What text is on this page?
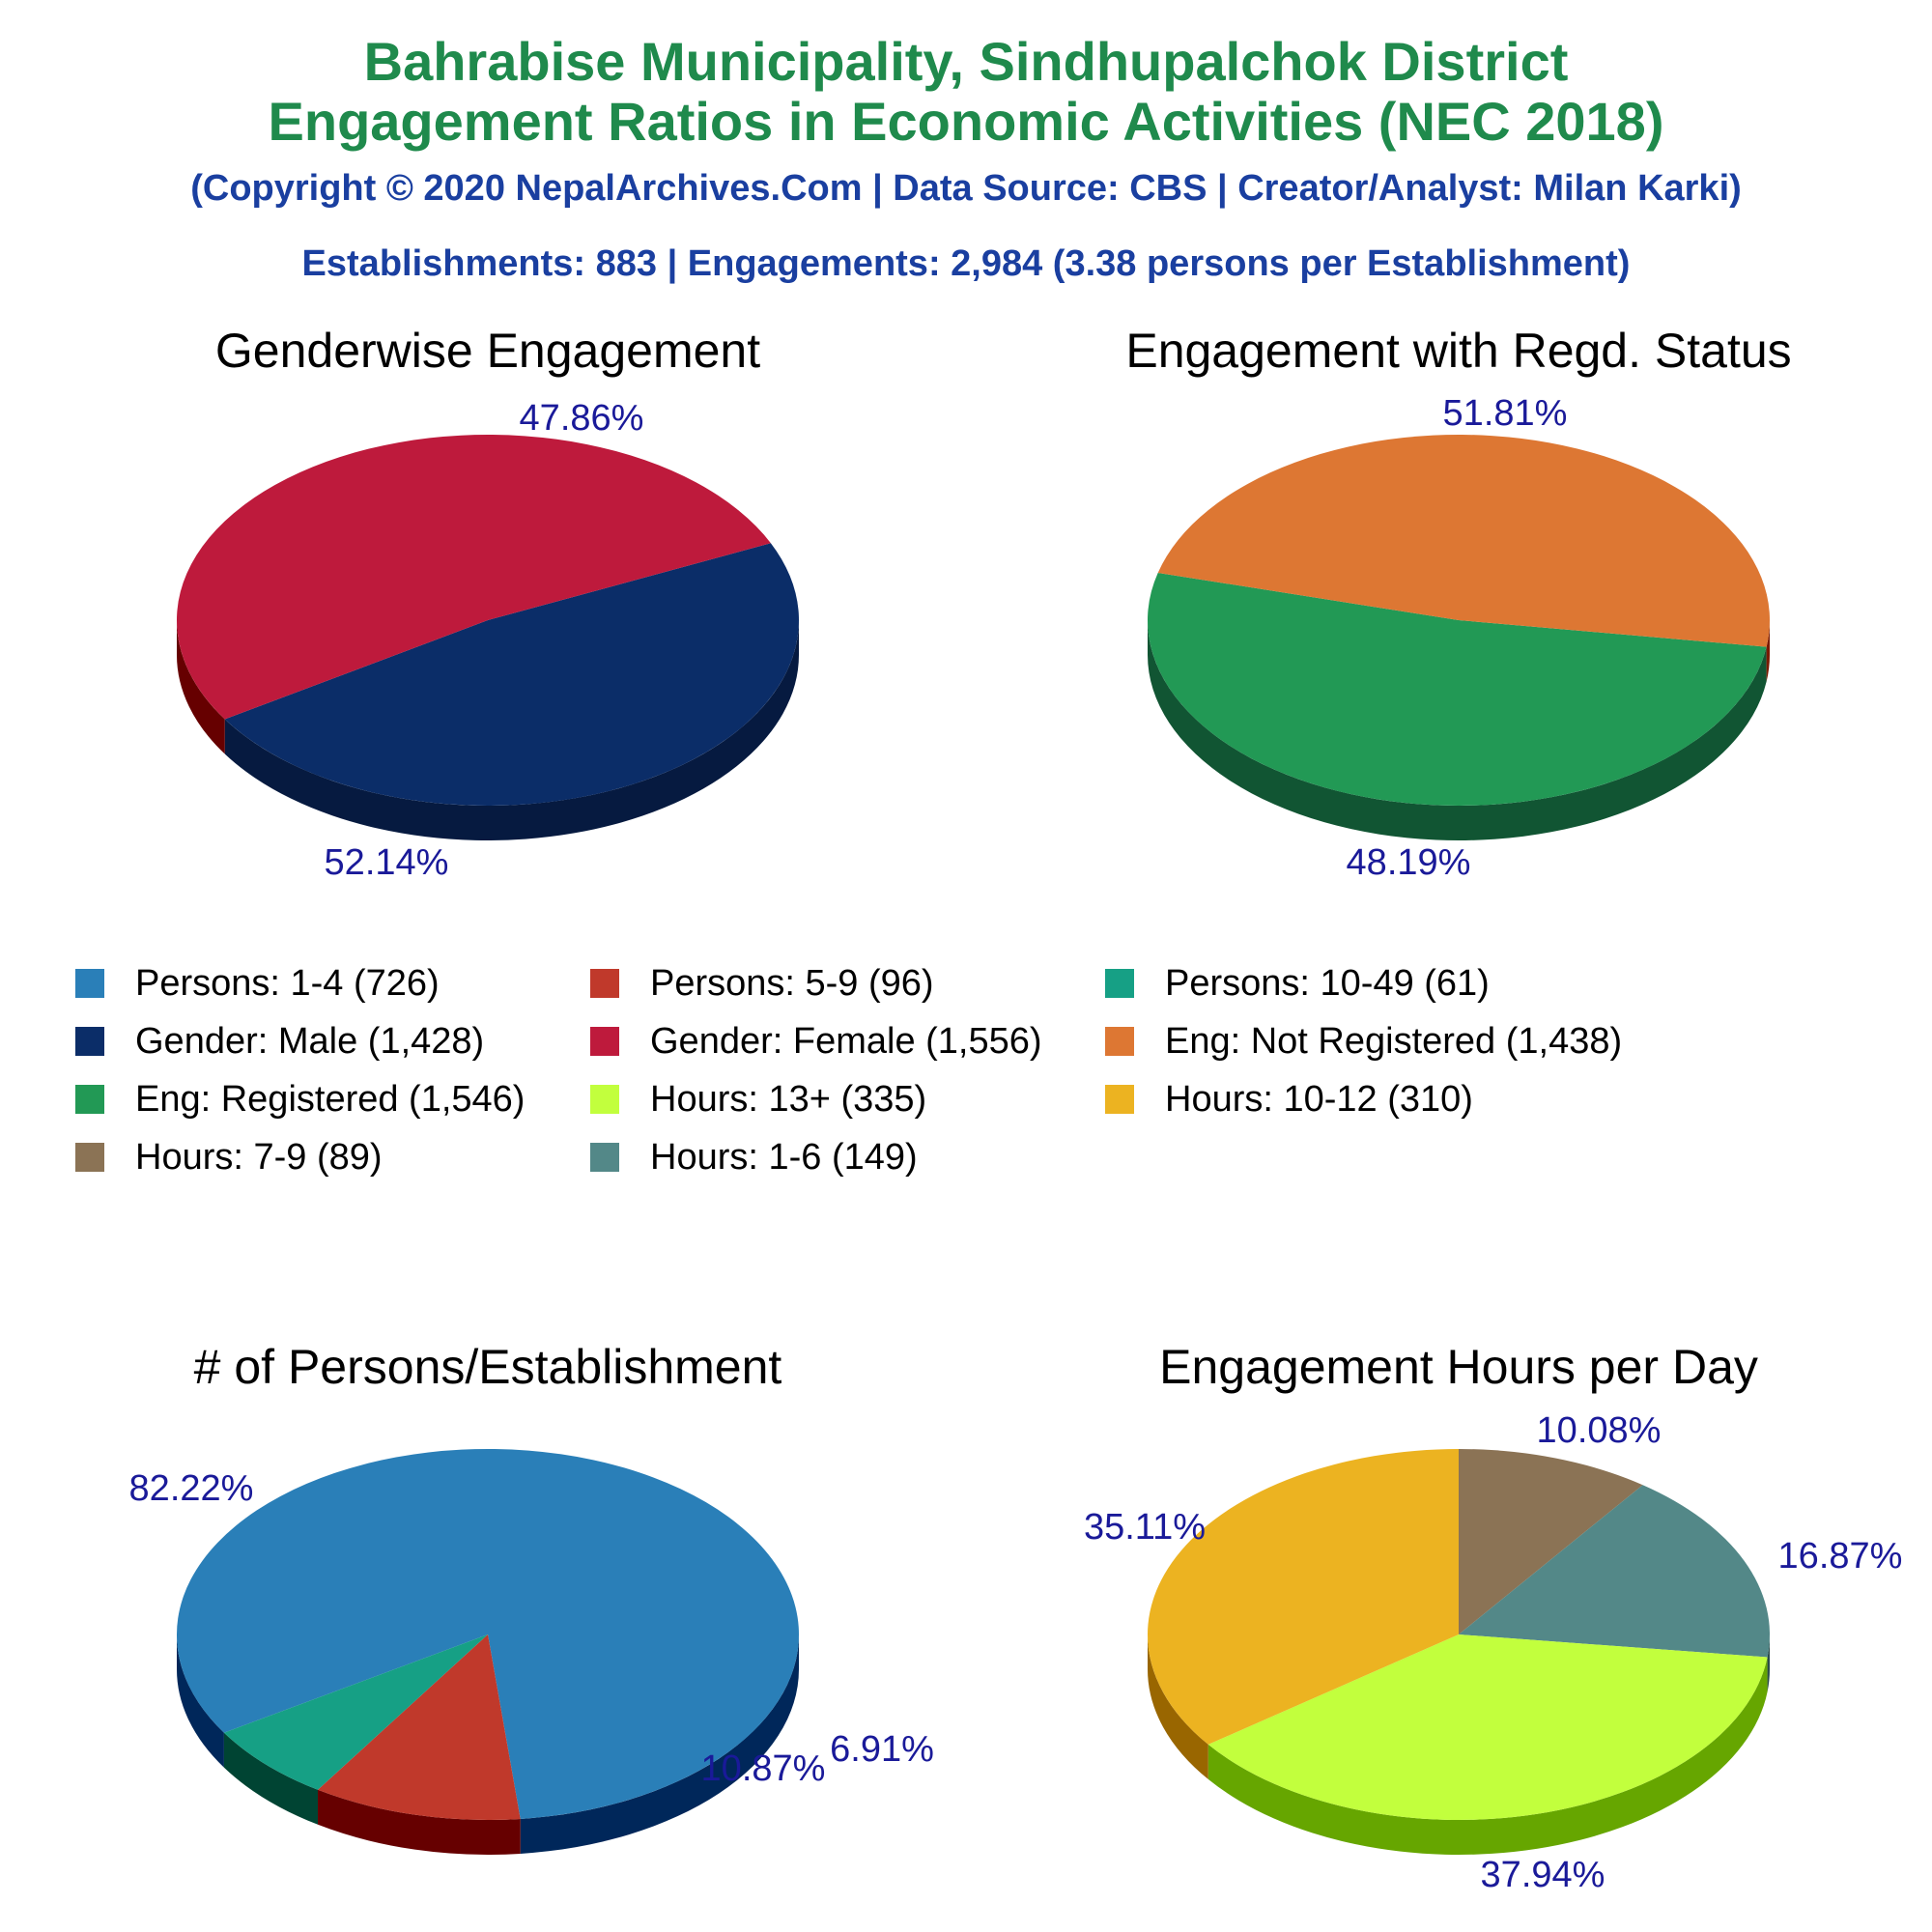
Bahrabise Municipality, Sindhupalchok District
Engagement Ratios in Economic Activities (NEC 2018)

(Copyright © 2020 NepalArchives.Com | Data Source: CBS | Creator/Analyst: Milan Karki)

Establishments: 883 | Engagements: 2,984 (3.38 persons per Establishment)

Genderwise Engagement
47.86%
52.14%
Engagement with Regd. Status
51.81%
48.19%
# of Persons/Establishment
82.22%
10.87% 6.91%
Engagement Hours per Day
10.08%
16.87%
37.94%
35.11%
Persons: 1-4 (726)	Persons: 5-9 (96)	Persons: 10-49 (61)
Gender: Male (1,428)	Gender: Female (1,556)	Eng: Not Registered (1,438)
Eng: Registered (1,546)	Hours: 13+ (335)	Hours: 10-12 (310)
Hours: 7-9 (89)	Hours: 1-6 (149)
